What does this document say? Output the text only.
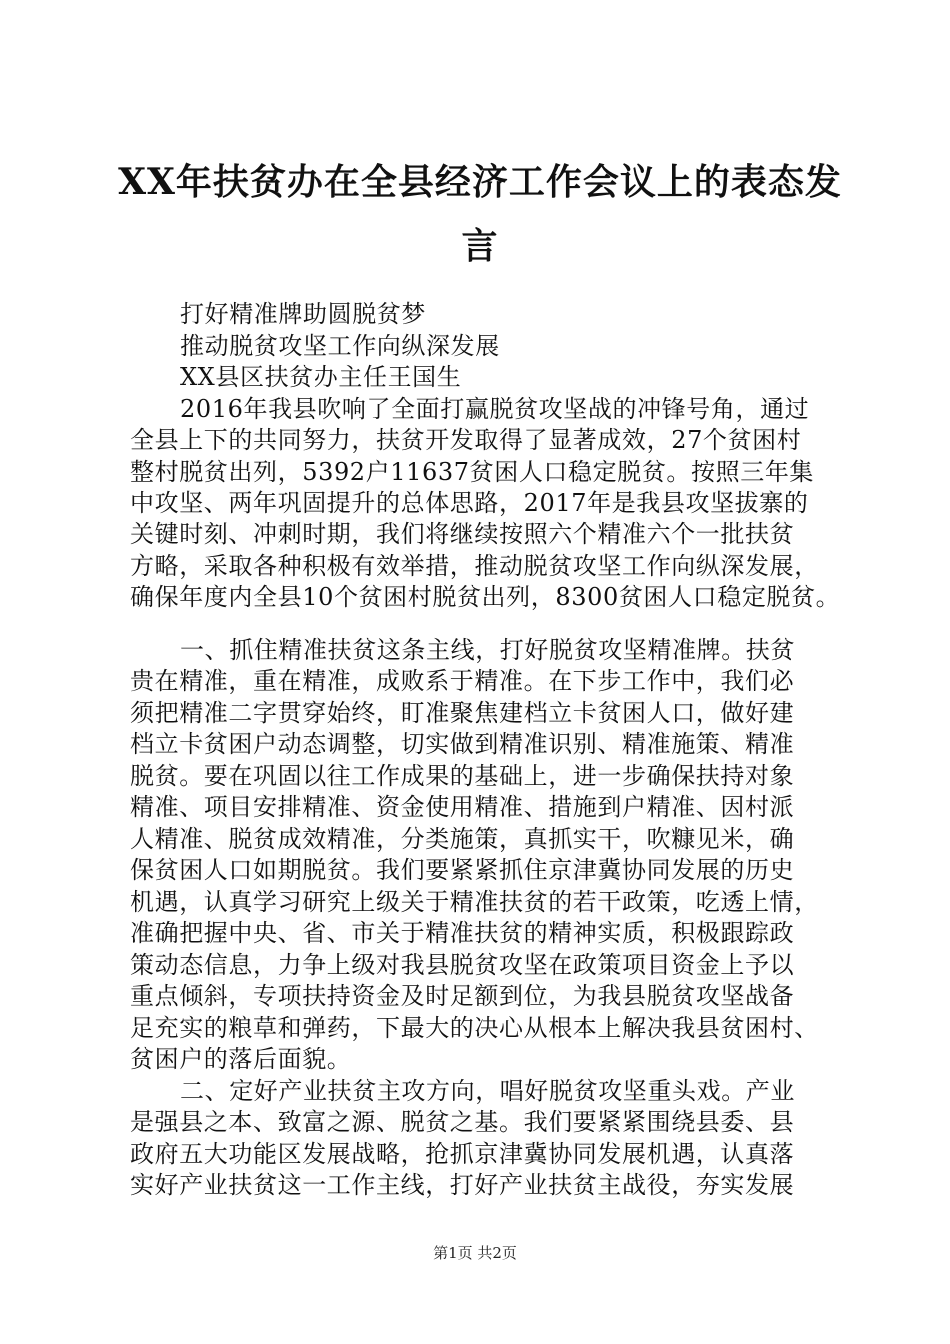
XX年扶贫办在全县经济工作会议上的表态发
言
打好精准牌助圆脱贫梦
推动脱贫攻坚工作向纵深发展
XX县区扶贫办主任王国生
2016年我县吹响了全面打赢脱贫攻坚战的冲锋号角，通过
全县上下的共同努力，扶贫开发取得了显著成效，27个贫困村
整村脱贫出列，5392户11637贫困人口稳定脱贫。按照三年集
中攻坚、两年巩固提升的总体思路，2017年是我县攻坚拔寨的
关键时刻、冲刺时期，我们将继续按照六个精准六个一批扶贫
方略，采取各种积极有效举措，推动脱贫攻坚工作向纵深发展，
确保年度内全县10个贫困村脱贫出列，8300贫困人口稳定脱贫。
一、抓住精准扶贫这条主线，打好脱贫攻坚精准牌。扶贫
贵在精准，重在精准，成败系于精准。在下步工作中，我们必
须把精准二字贯穿始终，盯准聚焦建档立卡贫困人口，做好建
档立卡贫困户动态调整，切实做到精准识别、精准施策、精准
脱贫。要在巩固以往工作成果的基础上，进一步确保扶持对象
精准、项目安排精准、资金使用精准、措施到户精准、因村派
人精准、脱贫成效精准，分类施策，真抓实干，吹糠见米，确
保贫困人口如期脱贫。我们要紧紧抓住京津冀协同发展的历史
机遇，认真学习研究上级关于精准扶贫的若干政策，吃透上情，
准确把握中央、省、市关于精准扶贫的精神实质，积极跟踪政
策动态信息，力争上级对我县脱贫攻坚在政策项目资金上予以
重点倾斜，专项扶持资金及时足额到位，为我县脱贫攻坚战备
足充实的粮草和弹药，下最大的决心从根本上解决我县贫困村、
贫困户的落后面貌。
二、定好产业扶贫主攻方向，唱好脱贫攻坚重头戏。产业
是强县之本、致富之源、脱贫之基。我们要紧紧围绕县委、县
政府五大功能区发展战略，抢抓京津冀协同发展机遇，认真落
实好产业扶贫这一工作主线，打好产业扶贫主战役，夯实发展
第1页 共2页
